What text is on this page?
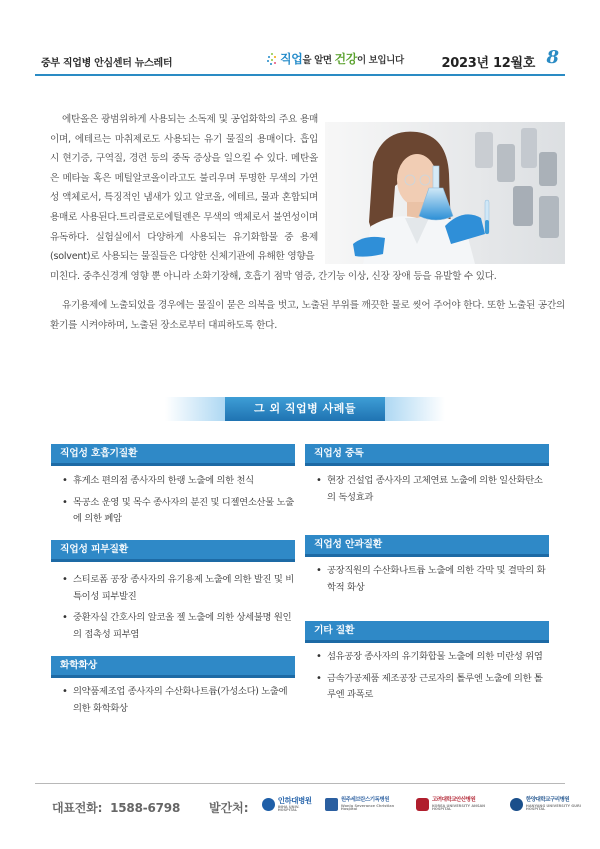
중부 직업병 안심센터 뉴스레터	직업 을 알면 건강 이 보입니다	2023년 12월호 8

에탄올은 광범위하게 사용되는 소독제 및 공업화학의 주요 용매이며, 에테르는 마취제로도 사용되는 유기 물질의 용매이다. 흡입 시 현기증, 구역질, 경련 등의 중독 증상을 일으킬 수 있다. 메탄올은 메타놀 혹은 메틸알코올이라고도 불리우며 투명한 무색의 가연성 액체로서, 특징적인 냄새가 있고 알코올, 에테르, 물과 혼합되며 용매로 사용된다.트리클로로에틸렌은 무색의 액체로서 불연성이며 유독하다. 실험실에서 다양하게 사용되는 유기화합물 중 용제(solvent)로 사용되는 물질들은 다양한 신체기관에 유해한 영향을

미친다. 중추신경계 영향 뿐 아니라 소화기장해, 호흡기 점막 염증, 간기능 이상, 신장 장애 등을 유발할 수 있다.

유기용제에 노출되었을 경우에는 물질이 묻은 의복을 벗고, 노출된 부위를 깨끗한 물로 씻어 주어야 한다. 또한 노출된 공간의 환기를 시켜야하며, 노출된 장소로부터 대피하도록 한다.

그 외 직업병 사례들
직업성 호흡기질환
• 휴게소 편의점 종사자의 한랭 노출에 의한 천식
• 목공소 운영 및 목수 종사자의 분진 및 디젤연소산물 노출에 의한 폐암
직업성 피부질환
• 스티로폼 공장 종사자의 유기용제 노출에 의한 발진 및 비특이성 피부발진
• 중환자실 간호사의 알코올 젤 노출에 의한 상세불명 원인의 접촉성 피부염
화학화상
• 의약품제조업 종사자의 수산화나트륨(가성소다) 노출에 의한 화학화상
직업성 중독
• 현장 건설업 종사자의 고체연료 노출에 의한 일산화탄소의 독성효과
직업성 안과질환
• 공장직원의 수산화나트륨 노출에 의한 각막 및 결막의 화학적 화상
기타 질환
• 섬유공장 종사자의 유기화합물 노출에 의한 미란성 위염
• 금속가공제품 제조공장 근로자의 톨루엔 노출에 의한 톨루엔 과폭로
대표전화:  1588-6798 발간처:
인하대병원
INHA UNIV. HOSPITAL
원주세브란스기독병원
Wonju Severance Christian Hospital
고려대학교안산병원
KOREA UNIVERSITY ANSAN HOSPITAL
한양대학교구리병원
HANYANG UNIVERSITY GURI HOSPITAL
